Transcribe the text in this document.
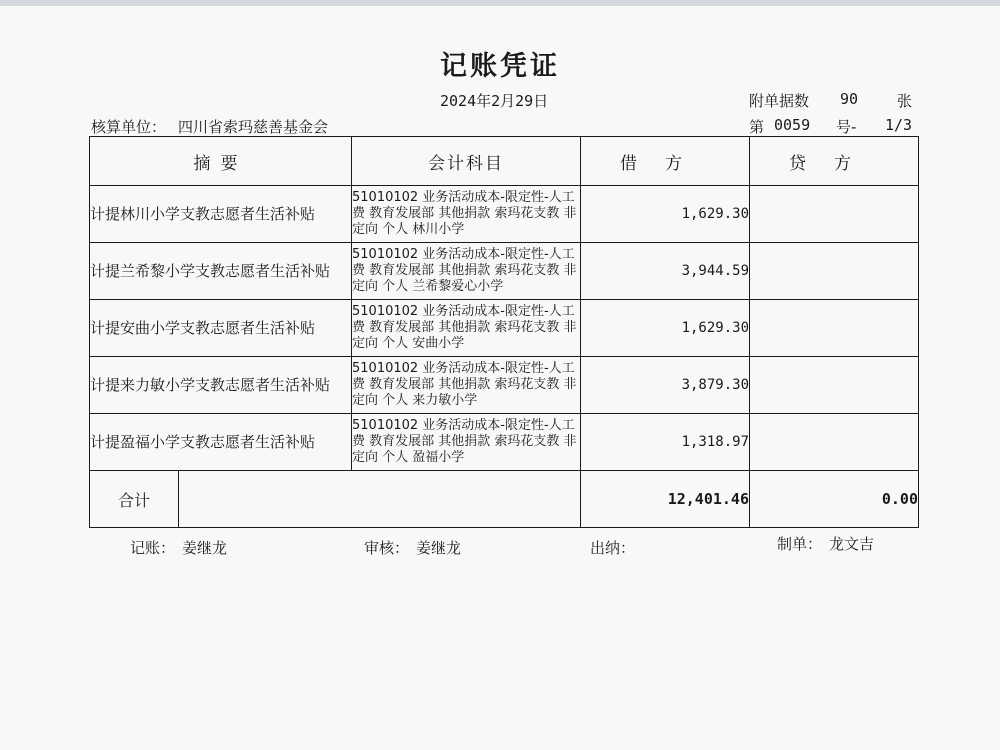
记账凭证
2024年2月29日	附单据数 90	张
核算单位： 四川省索玛慈善基金会	第 0059 号- 1/3
摘要	会计科目	借方	贷方
计提林川小学支教志愿者生活补贴	51010102 业务活动成本-限定性-人工费 教育发展部 其他捐款 索玛花支教 非定向 个人 林川小学	1,629.30	
计提兰希黎小学支教志愿者生活补贴	51010102 业务活动成本-限定性-人工费 教育发展部 其他捐款 索玛花支教 非定向 个人 兰希黎爱心小学	3,944.59	
计提安曲小学支教志愿者生活补贴	51010102 业务活动成本-限定性-人工费 教育发展部 其他捐款 索玛花支教 非定向 个人 安曲小学	1,629.30	
计提来力敏小学支教志愿者生活补贴	51010102 业务活动成本-限定性-人工费 教育发展部 其他捐款 索玛花支教 非定向 个人 来力敏小学	3,879.30	
计提盈福小学支教志愿者生活补贴	51010102 业务活动成本-限定性-人工费 教育发展部 其他捐款 索玛花支教 非定向 个人 盈福小学	1,318.97	

合计		12,401.46	0.00
记账： 姜继龙	审核： 姜继龙	出纳：	制单： 龙文吉
